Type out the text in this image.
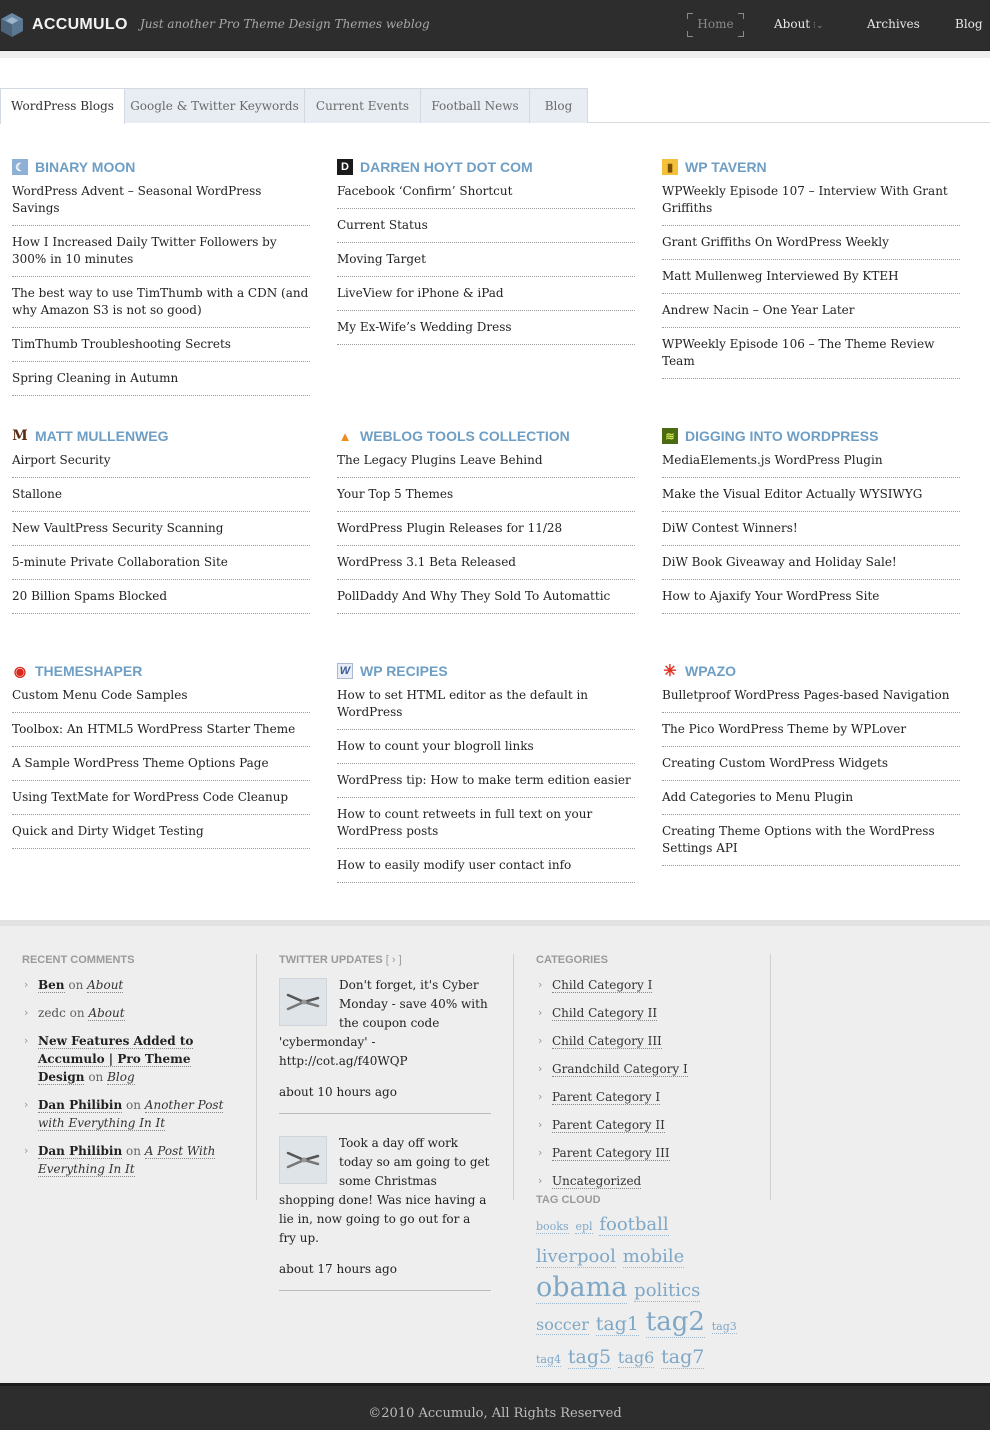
ACCUMULO Just another Pro Theme Design Themes weblog	Home	About ⁝⌄	Archives	Blog
WordPress Blogs	Google & Twitter Keywords	Current Events	Football News	Blog
☾ BINARY MOON
WordPress Advent – Seasonal WordPress Savings
How I Increased Daily Twitter Followers by 300% in 10 minutes
The best way to use TimThumb with a CDN (and why Amazon S3 is not so good)
TimThumb Troubleshooting Secrets
Spring Cleaning in Autumn
D DARREN HOYT DOT COM
Facebook ‘Confirm’ Shortcut
Current Status
Moving Target
LiveView for iPhone & iPad
My Ex-Wife’s Wedding Dress
▮ WP TAVERN
WPWeekly Episode 107 – Interview With Grant Griffiths
Grant Griffiths On WordPress Weekly
Matt Mullenweg Interviewed By KTEH
Andrew Nacin – One Year Later
WPWeekly Episode 106 – The Theme Review Team
M MATT MULLENWEG
Airport Security
Stallone
New VaultPress Security Scanning
5-minute Private Collaboration Site
20 Billion Spams Blocked
▲ WEBLOG TOOLS COLLECTION
The Legacy Plugins Leave Behind
Your Top 5 Themes
WordPress Plugin Releases for 11/28
WordPress 3.1 Beta Released
PollDaddy And Why They Sold To Automattic
≋ DIGGING INTO WORDPRESS
MediaElements.js WordPress Plugin
Make the Visual Editor Actually WYSIWYG
DiW Contest Winners!
DiW Book Giveaway and Holiday Sale!
How to Ajaxify Your WordPress Site
◉ THEMESHAPER
Custom Menu Code Samples
Toolbox: An HTML5 WordPress Starter Theme
A Sample WordPress Theme Options Page
Using TextMate for WordPress Code Cleanup
Quick and Dirty Widget Testing
W WP RECIPES
How to set HTML editor as the default in WordPress
How to count your blogroll links
WordPress tip: How to make term edition easier
How to count retweets in full text on your WordPress posts
How to easily modify user contact info
✳ WPAZO
Bulletproof WordPress Pages-based Navigation
The Pico WordPress Theme by WPLover
Creating Custom WordPress Widgets
Add Categories to Menu Plugin
Creating Theme Options with the WordPress Settings API
RECENT COMMENTS
› Ben on About
› zedc on About
› New Features Added to Accumulo | Pro Theme Design on Blog
› Dan Philibin on Another Post with Everything In It
› Dan Philibin on A Post With Everything In It
TWITTER UPDATES [ › ]
Don't forget, it's Cyber Monday - save 40% with the coupon code 'cybermonday' - http://cot.ag/f40WQP
about 10 hours ago
Took a day off work today so am going to get some Christmas shopping done! Was nice having a lie in, now going to go out for a fry up.
about 17 hours ago
CATEGORIES
› Child Category I
› Child Category II
› Child Category III
› Grandchild Category I
› Parent Category I
› Parent Category II
› Parent Category III
› Uncategorized
TAG CLOUD
books epl football liverpool mobile obama politics soccer tag1 tag2 tag3 tag4 tag5 tag6 tag7
©2010 Accumulo, All Rights Reserved
